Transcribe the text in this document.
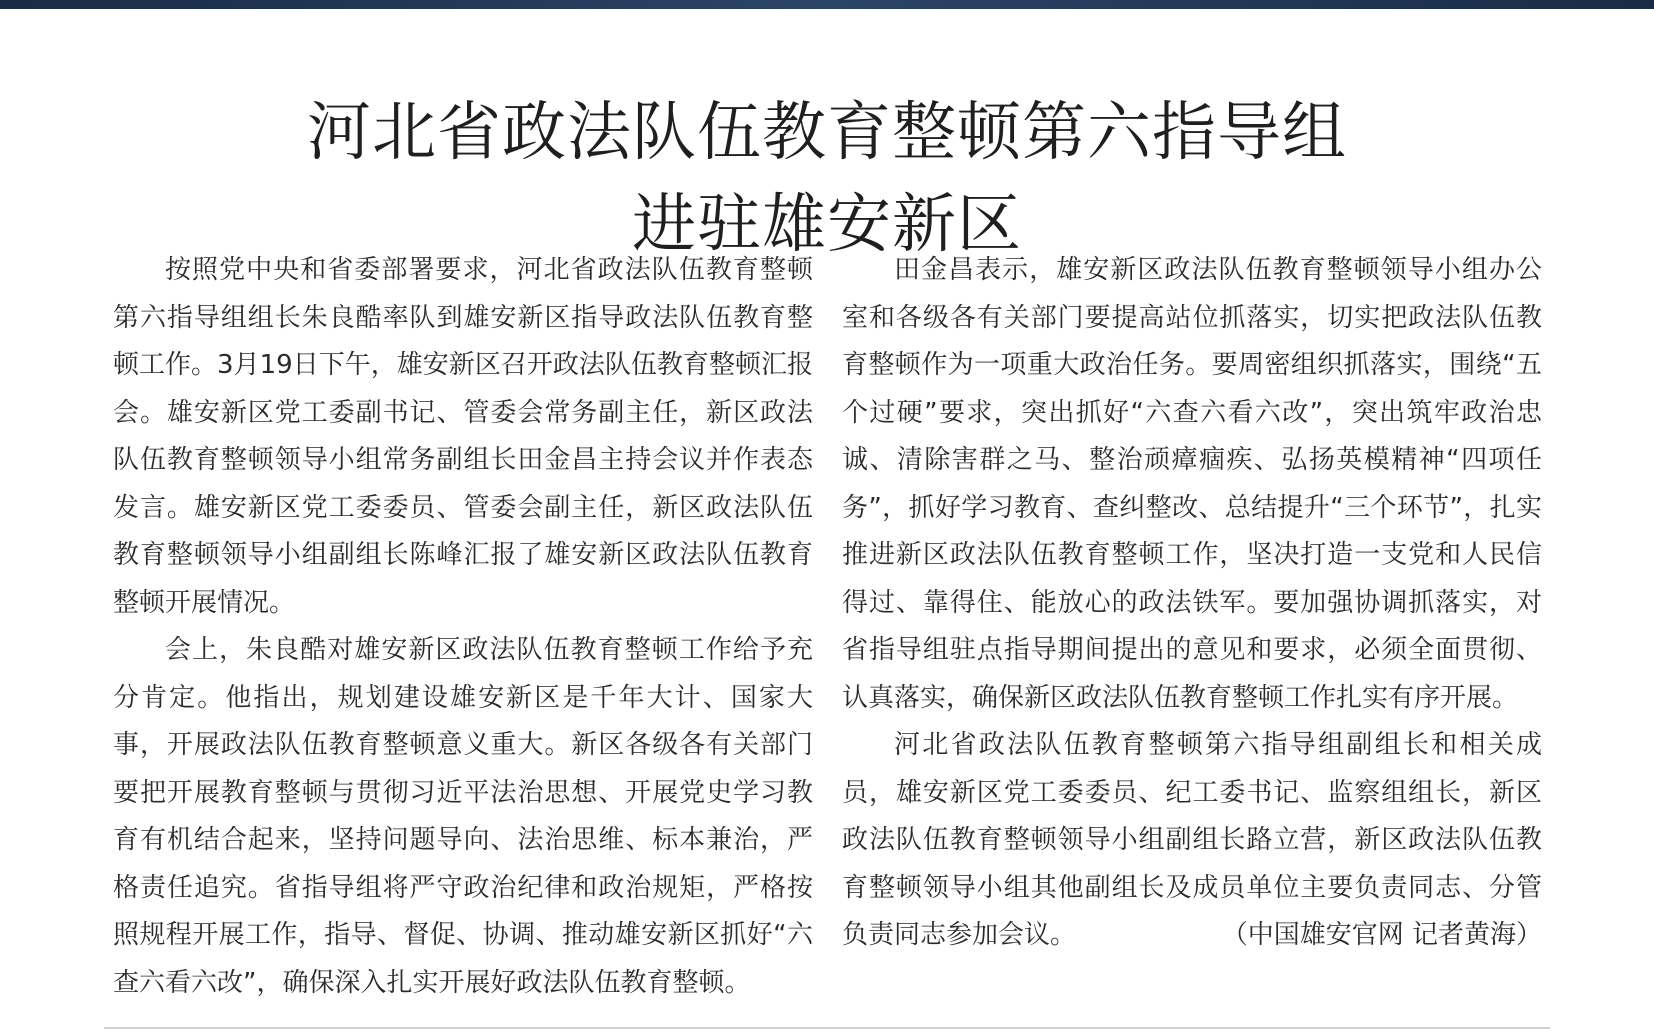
河北省政法队伍教育整顿第六指导组
进驻雄安新区

按照党中央和省委部署要求，河北省政法队伍教育整顿第六指导组组长朱良酷率队到雄安新区指导政法队伍教育整顿工作。3月19日下午，雄安新区召开政法队伍教育整顿汇报会。雄安新区党工委副书记、管委会常务副主任，新区政法队伍教育整顿领导小组常务副组长田金昌主持会议并作表态发言。雄安新区党工委委员、管委会副主任，新区政法队伍教育整顿领导小组副组长陈峰汇报了雄安新区政法队伍教育整顿开展情况。

会上，朱良酷对雄安新区政法队伍教育整顿工作给予充分肯定。他指出，规划建设雄安新区是千年大计、国家大事，开展政法队伍教育整顿意义重大。新区各级各有关部门要把开展教育整顿与贯彻习近平法治思想、开展党史学习教育有机结合起来，坚持问题导向、法治思维、标本兼治，严格责任追究。省指导组将严守政治纪律和政治规矩，严格按照规程开展工作，指导、督促、协调、推动雄安新区抓好“六查六看六改”，确保深入扎实开展好政法队伍教育整顿。

田金昌表示，雄安新区政法队伍教育整顿领导小组办公室和各级各有关部门要提高站位抓落实，切实把政法队伍教育整顿作为一项重大政治任务。要周密组织抓落实，围绕“五个过硬”要求，突出抓好“六查六看六改”，突出筑牢政治忠诚、清除害群之马、整治顽瘴痼疾、弘扬英模精神“四项任务”，抓好学习教育、查纠整改、总结提升“三个环节”，扎实推进新区政法队伍教育整顿工作，坚决打造一支党和人民信得过、靠得住、能放心的政法铁军。要加强协调抓落实，对省指导组驻点指导期间提出的意见和要求，必须全面贯彻、认真落实，确保新区政法队伍教育整顿工作扎实有序开展。

河北省政法队伍教育整顿第六指导组副组长和相关成员，雄安新区党工委委员、纪工委书记、监察组组长，新区政法队伍教育整顿领导小组副组长路立营，新区政法队伍教育整顿领导小组其他副组长及成员单位主要负责同志、分管负责同志参加会议。	（中国雄安官网 记者黄海）
